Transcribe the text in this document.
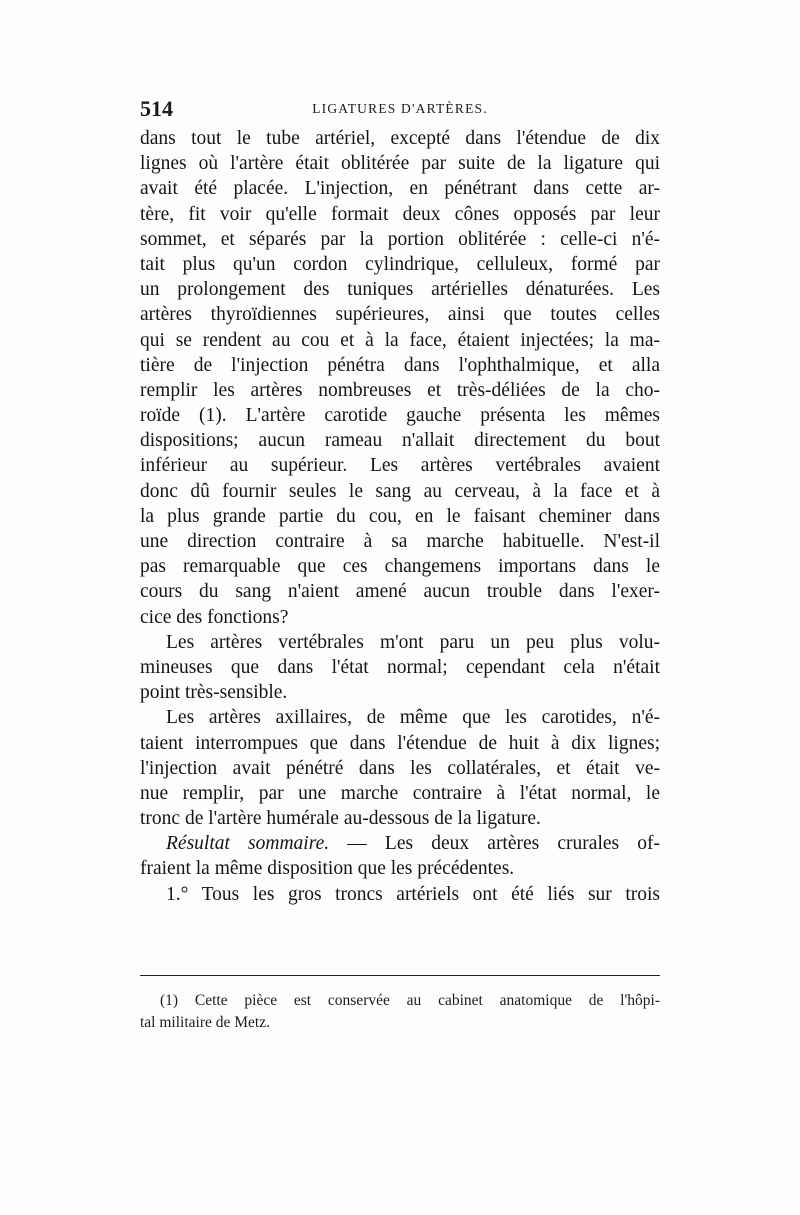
514	LIGATURES D'ARTÈRES.
dans tout le tube artériel, excepté dans l'étendue de dix
lignes où l'artère était oblitérée par suite de la ligature qui
avait été placée. L'injection, en pénétrant dans cette ar-
tère, fit voir qu'elle formait deux cônes opposés par leur
sommet, et séparés par la portion oblitérée : celle-ci n'é-
tait plus qu'un cordon cylindrique, celluleux, formé par
un prolongement des tuniques artérielles dénaturées. Les
artères thyroïdiennes supérieures, ainsi que toutes celles
qui se rendent au cou et à la face, étaient injectées; la ma-
tière de l'injection pénétra dans l'ophthalmique, et alla
remplir les artères nombreuses et très-déliées de la cho-
roïde (1). L'artère carotide gauche présenta les mêmes
dispositions; aucun rameau n'allait directement du bout
inférieur au supérieur. Les artères vertébrales avaient
donc dû fournir seules le sang au cerveau, à la face et à
la plus grande partie du cou, en le faisant cheminer dans
une direction contraire à sa marche habituelle. N'est-il
pas remarquable que ces changemens importans dans le
cours du sang n'aient amené aucun trouble dans l'exer-
cice des fonctions?
Les artères vertébrales m'ont paru un peu plus volu-
mineuses que dans l'état normal; cependant cela n'était
point très-sensible.
Les artères axillaires, de même que les carotides, n'é-
taient interrompues que dans l'étendue de huit à dix lignes;
l'injection avait pénétré dans les collatérales, et était ve-
nue remplir, par une marche contraire à l'état normal, le
tronc de l'artère humérale au-dessous de la ligature.
Résultat sommaire. — Les deux artères crurales of-
fraient la même disposition que les précédentes.
1.° Tous les gros troncs artériels ont été liés sur trois
(1) Cette pièce est conservée au cabinet anatomique de l'hôpi-
tal militaire de Metz.
